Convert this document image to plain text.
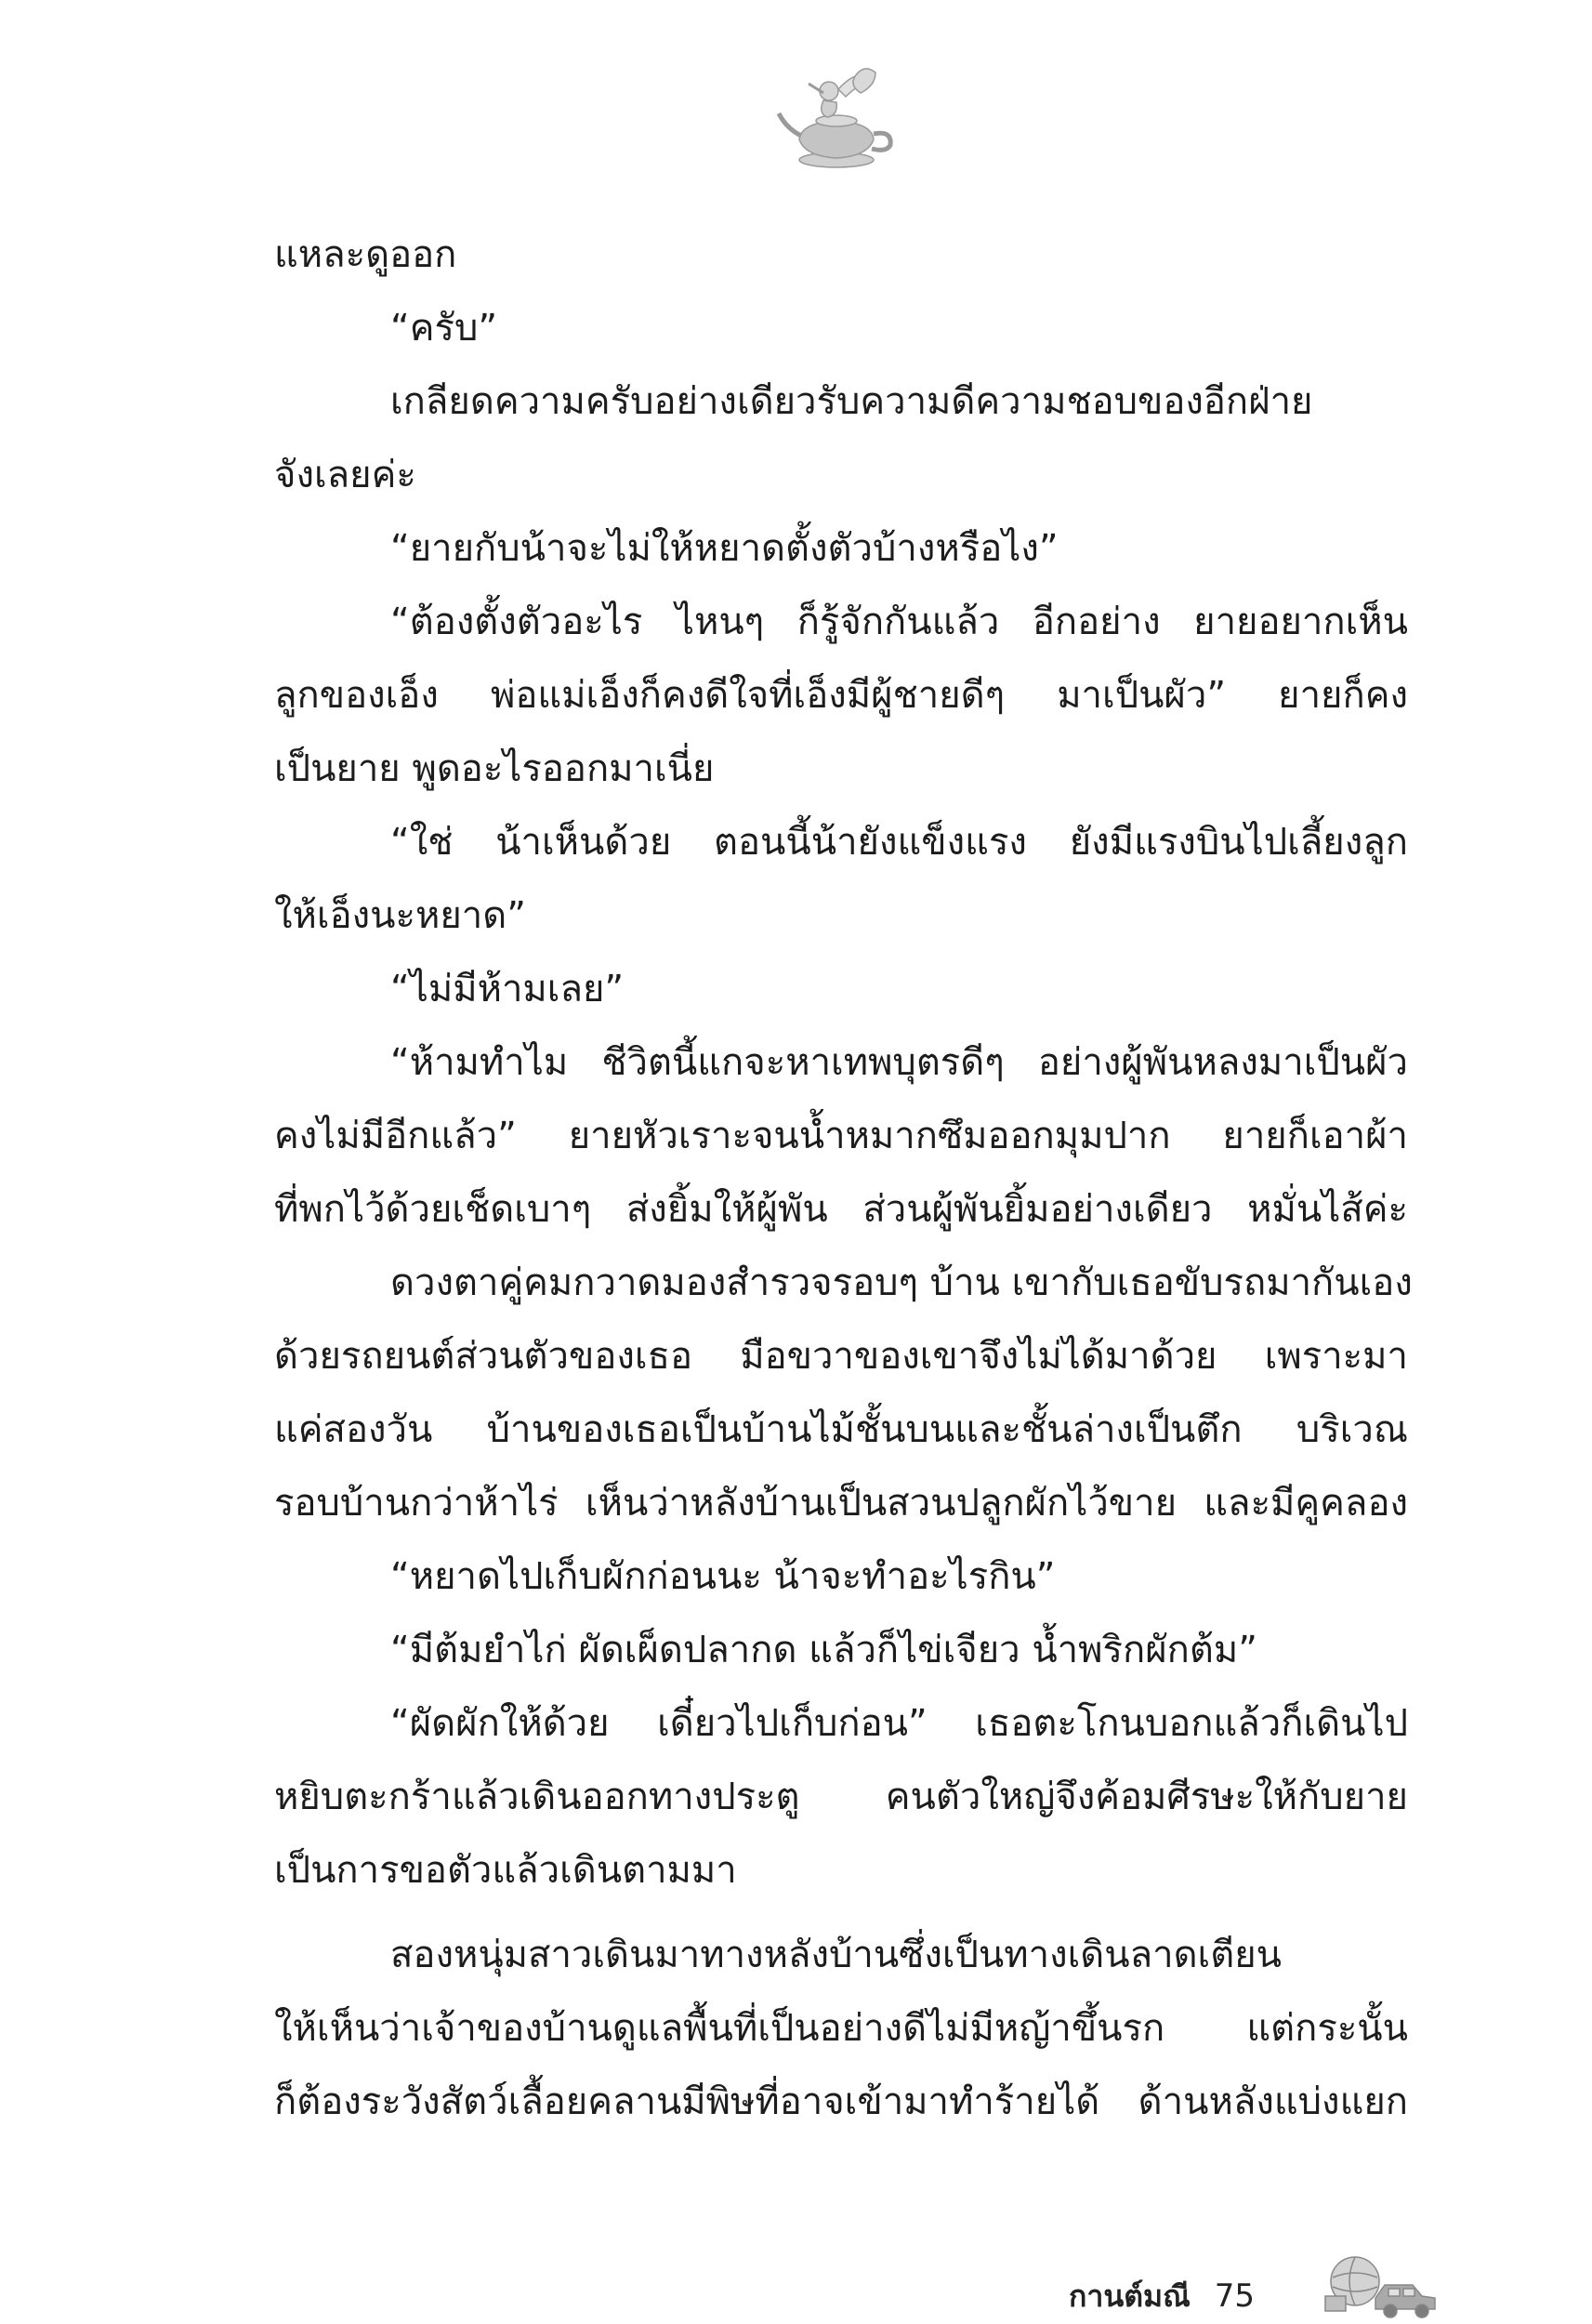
แหละดูออก
“ครับ”
เกลียดความครับอย่างเดียวรับความดีความชอบของอีกฝ่าย
จังเลยค่ะ
“ยายกับน้าจะไม่ให้หยาดตั้งตัวบ้างหรือไง”
“ต้องตั้งตัวอะไร ไหนๆ ก็รู้จักกันแล้ว อีกอย่าง ยายอยากเห็น
ลูกของเอ็ง พ่อแม่เอ็งก็คงดีใจที่เอ็งมีผู้ชายดีๆ มาเป็นผัว” ยายก็คง
เป็นยาย พูดอะไรออกมาเนี่ย
“ใช่ น้าเห็นด้วย ตอนนี้น้ายังแข็งแรง ยังมีแรงบินไปเลี้ยงลูก
ให้เอ็งนะหยาด”
“ไม่มีห้ามเลย”
“ห้ามทำไม ชีวิตนี้แกจะหาเทพบุตรดีๆ อย่างผู้พันหลงมาเป็นผัว
คงไม่มีอีกแล้ว” ยายหัวเราะจนน้ำหมากซึมออกมุมปาก ยายก็เอาผ้า
ที่พกไว้ด้วยเช็ดเบาๆ ส่งยิ้มให้ผู้พัน ส่วนผู้พันยิ้มอย่างเดียว หมั่นไส้ค่ะ
ดวงตาคู่คมกวาดมองสำรวจรอบๆ บ้าน เขากับเธอขับรถมากันเอง
ด้วยรถยนต์ส่วนตัวของเธอ มือขวาของเขาจึงไม่ได้มาด้วย เพราะมา
แค่สองวัน บ้านของเธอเป็นบ้านไม้ชั้นบนและชั้นล่างเป็นตึก บริเวณ
รอบบ้านกว่าห้าไร่ เห็นว่าหลังบ้านเป็นสวนปลูกผักไว้ขาย และมีคูคลอง
“หยาดไปเก็บผักก่อนนะ น้าจะทำอะไรกิน”
“มีต้มยำไก่ ผัดเผ็ดปลากด แล้วก็ไข่เจียว น้ำพริกผักต้ม”
“ผัดผักให้ด้วย เดี๋ยวไปเก็บก่อน” เธอตะโกนบอกแล้วก็เดินไป
หยิบตะกร้าแล้วเดินออกทางประตู คนตัวใหญ่จึงค้อมศีรษะให้กับยาย
เป็นการขอตัวแล้วเดินตามมา
สองหนุ่มสาวเดินมาทางหลังบ้านซึ่งเป็นทางเดินลาดเตียน
ให้เห็นว่าเจ้าของบ้านดูแลพื้นที่เป็นอย่างดีไม่มีหญ้าขึ้นรก แต่กระนั้น
ก็ต้องระวังสัตว์เลื้อยคลานมีพิษที่อาจเข้ามาทำร้ายได้ ด้านหลังแบ่งแยก
กานต์มณี 75
